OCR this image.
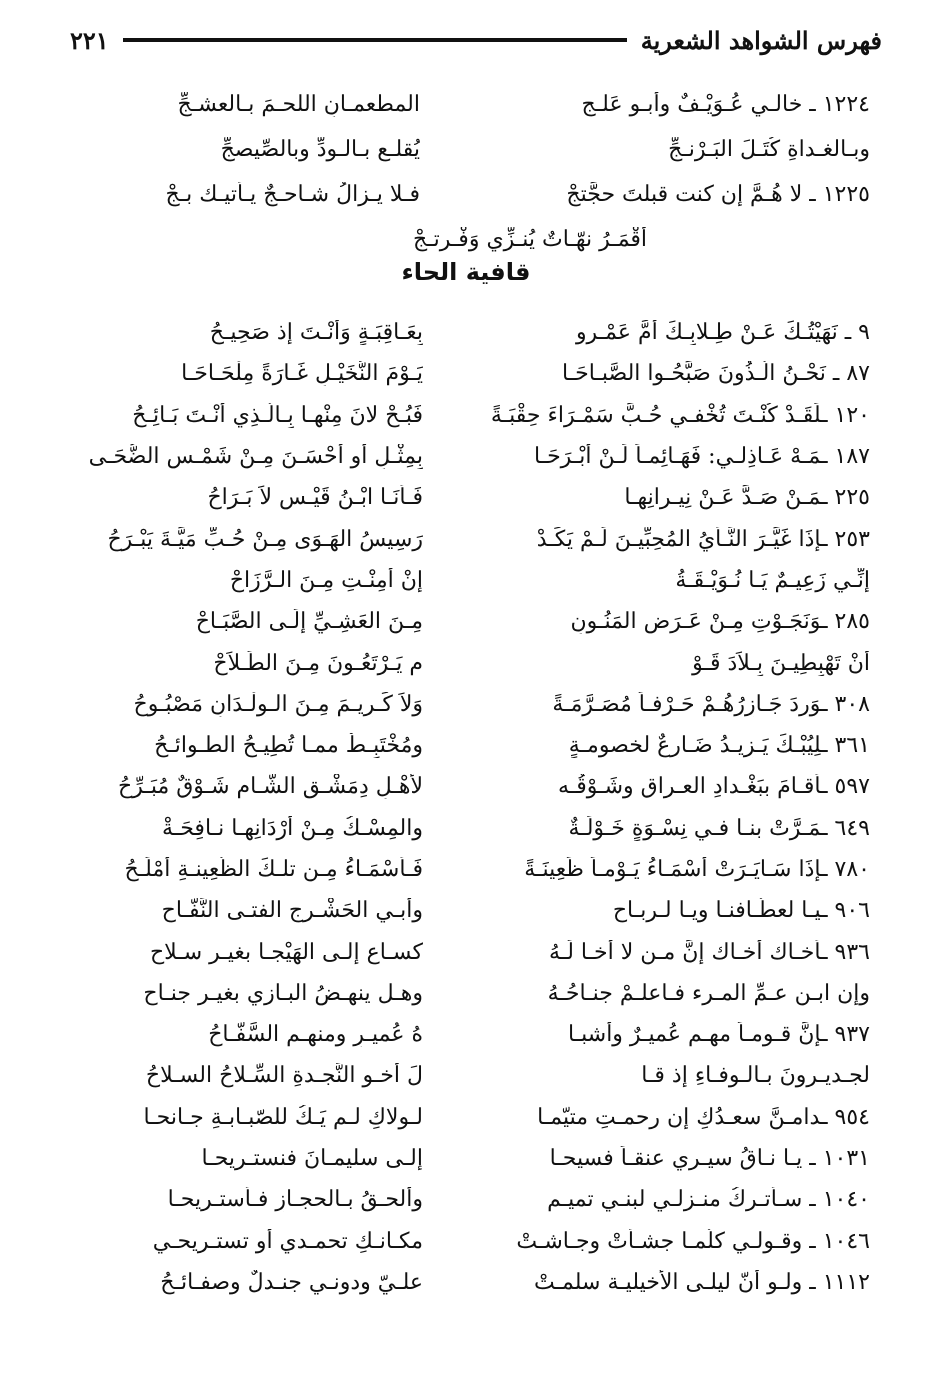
فهرس الشواهد الشعرية
٢٢١
١٢٢٤ ـ خالـي عُـوَيْـفٌ وأبـو عَلـجٍ
المطعمـانِ اللحـمَ بـالعشـجِّ
وبـالغـداةِ كُتَـلَ البَـرْنـجِّ
يُقلـع بـالـودِّ وبالصِّيصجِّ
١٢٢٥ ـ لا هُـمَّ إن كنت قبلتَ حجَّتجْ
فـلا يـزالُ شـاحـجٌ يـأتيـك بـجْ
أقْمَـرُ نهّـاتٌ يُنـزِّي وَفْـرتـجْ
قافية الحاء
٩ ـ نَهَيْتُـكَ عَـنْ طِـلابِـكَ أُمَّ عَمْـرو
بِعَـاقِبَـةٍ وَأَنْـتَ إذ صَحِيـحُ
٨٧ ـ نَحْـنُ الَّـذُونَ صَبَّحُـوا الصَّبـاحَـا
يَـوْمَ النُّخَيْـلِ غَـارَةً مِلْحَـاحَـا
١٢٠ ـلَقَـدْ كُنْـتَ تُخْفـي حُـبَّ سَمْـرَاءَ حِقْبَـةً
فَبُـحْ لانَ مِنْهـا بِـالَّـذِي أَنْـتَ بَـائِـحُ
١٨٧ ـمَـهْ عَـاذِلـي: فَهَـائِمـاً لَـنْ أَبْـرَحَـا
بِمِثْـلِ أَو أَحْسَـنَ مِـنْ شَمْـسِ الضُّحَـى
٢٢٥ ـمَـنْ صَـدَّ عَـنْ نِيـرانِهـا
فَـأَنَـا ابْـنُ قَيْـسٍ لاَ بَـرَاحُ
٢٥٣ ـإِذَا غَيَّـرَ النَّـأْيُ المُحِبِّيـنَ لَـمْ يَكَـدْ
رَسِيسُ الهَـوَى مِـنْ حُـبِّ مَيَّـةَ يَبْـرَحُ
إِنِّـي زَعِيـمٌ يَـا نُـوَيْـقَـةُ
إِنْ أَمِنْـتِ مِـنَ الـرَّزَاحْ
٢٨٥ ـوَنَجَـوْتِ مِـنْ عَـرَضِ المَنُـونِ
مِـنَ العَشِـيِّ إِلَـى الصَّبَـاحْ
أَنْ تَهْبِطِيـنَ بِـلاَدَ قَـوْ
مٍ يَـرْتَعُـونَ مِـنَ الطِّـلاَحْ
٣٠٨ ـوَرِدَ جَـازِرُهُـمْ حَـرْفـاً مُصَـرَّمَـةً
وَلاَ كَـرِيـمَ مِـنَ الـوِلْـدَانِ مَصْبُـوحُ
٣٦١ ـلِيُبْـكَ يَـزِيـدُ ضَـارِعٌ لخصومـةٍ
ومُخْتَبِـطٌ ممـا تُطِيـحُ الطـوائـحُ
٥٩٧ ـأقـامَ ببَغْـدادِ العـراقِ وشَـوْقُـه
لأَهْـلِ دِمَشْـقِ الشّـامِ شَـوْقٌ مُبَـرِّحُ
٦٤٩ ـمَـرَّتْ بنـا فـي نِسْـوَةٍ خَـوْلَـةٌ
والمِسْـكُ مِـنْ أَرْدَانِهـا نـافِحَـةْ
٧٨٠ ـإِذَا سَـايَـرَتْ أَسْمَـاءُ يَـوْمـاً ظَعِينَـةً
فَـأَسْمَـاءُ مِـن تلـكَ الظَّعِينـةِ أَمْلَـحُ
٩٠٦ ـيـا لعطّـافنـا ويـا لـربـاحِ
وأبـي الحَشْـرجِ الفتـى النَّفّـاحِ
٩٣٦ ـأخـاك أخـاك إنَّ مـن لا أخـا لَـهُ
كسـاعٍ إلـى الهَيْجـا بغيـر سـلاحِ
وإن ابـن عـمِّ المـرء فـاعلـمْ جنـاحُـهُ
وهـل ينهـضُ البـازي بغيـر جنـاحِ
٩٣٧ ـإنَّ قـومـاً مهـم عُميـرٌ وأشبـا
هُ عُميـرٍ ومنهـم السَّفّـاحُ
لجـديـرونَ بـالـوفـاءِ إذ قـا
لَ أخـو النَّجـدةِ السِّـلاحُ السـلاحُ
٩٥٤ ـدامـنَّ سعـدُكِ إن رحمـتِ متيّمـا
لـولاكِ لـم يَـكُ للصّبـابـةِ جـانحـا
١٠٣١ ـ يـا نـاقُ سيـري عنقـاً فسيحـا
إلـى سليمـانَ فنستـريحـا
١٠٤٠ ـ سـأتـركُ منـزلـي لبنـي تميـم
وألحـقُ بـالحجـازِ فـأستـريحـا
١٠٤٦ ـ وقـولـي كلّمـا جشـأتْ وجـاشـتْ
مكـانـكِ تحمـدي أو تستـريحـي
١١١٢ ـ ولـو أنّ ليلـى الأخيليـة سلمـتْ
علـيّ ودونـي جنـدلٌ وصفـائـحُ
